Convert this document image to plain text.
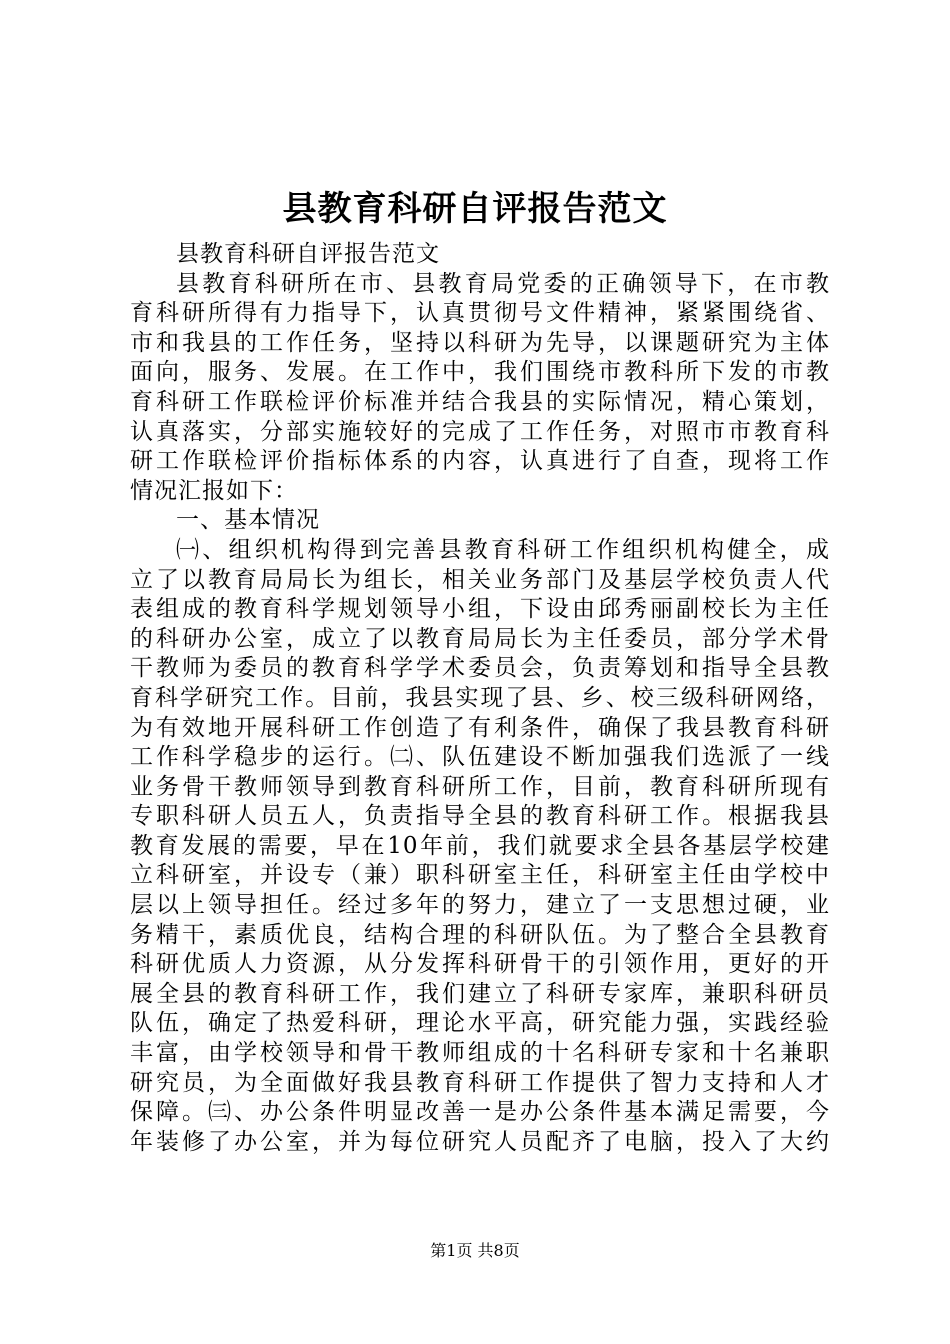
县教育科研自评报告范文
县教育科研自评报告范文
县教育科研所在市、县教育局党委的正确领导下，在市教
育科研所得有力指导下，认真贯彻号文件精神，紧紧围绕省、
市和我县的工作任务，坚持以科研为先导，以课题研究为主体
面向，服务、发展。在工作中，我们围绕市教科所下发的市教
育科研工作联检评价标准并结合我县的实际情况，精心策划，
认真落实，分部实施较好的完成了工作任务，对照市市教育科
研工作联检评价指标体系的内容，认真进行了自查，现将工作
情况汇报如下：
一、基本情况
㈠、组织机构得到完善县教育科研工作组织机构健全，成
立了以教育局局长为组长，相关业务部门及基层学校负责人代
表组成的教育科学规划领导小组，下设由邱秀丽副校长为主任
的科研办公室，成立了以教育局局长为主任委员，部分学术骨
干教师为委员的教育科学学术委员会，负责筹划和指导全县教
育科学研究工作。目前，我县实现了县、乡、校三级科研网络，
为有效地开展科研工作创造了有利条件，确保了我县教育科研
工作科学稳步的运行。㈡、队伍建设不断加强我们选派了一线
业务骨干教师领导到教育科研所工作，目前，教育科研所现有
专职科研人员五人，负责指导全县的教育科研工作。根据我县
教育发展的需要，早在10年前，我们就要求全县各基层学校建
立科研室，并设专（兼）职科研室主任，科研室主任由学校中
层以上领导担任。经过多年的努力，建立了一支思想过硬，业
务精干，素质优良，结构合理的科研队伍。为了整合全县教育
科研优质人力资源，从分发挥科研骨干的引领作用，更好的开
展全县的教育科研工作，我们建立了科研专家库，兼职科研员
队伍，确定了热爱科研，理论水平高，研究能力强，实践经验
丰富，由学校领导和骨干教师组成的十名科研专家和十名兼职
研究员，为全面做好我县教育科研工作提供了智力支持和人才
保障。㈢、办公条件明显改善一是办公条件基本满足需要，今
年装修了办公室，并为每位研究人员配齐了电脑，投入了大约
第1页 共8页
